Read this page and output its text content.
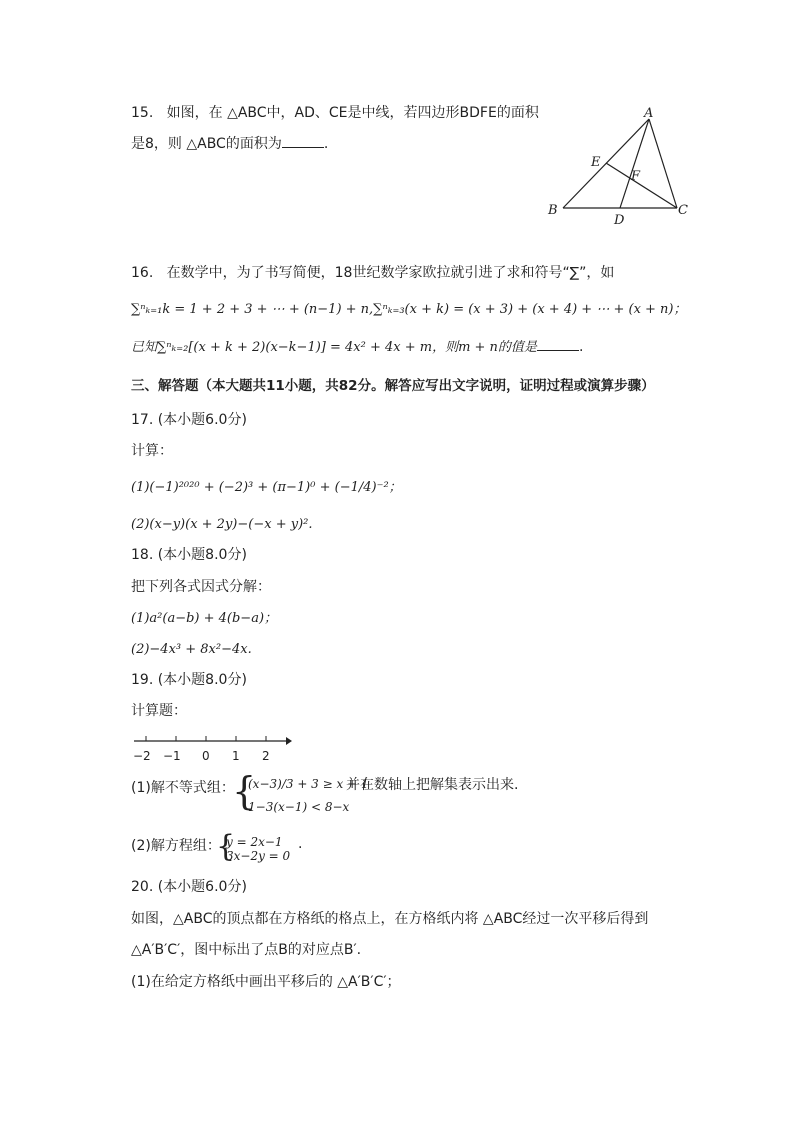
15. 如图，在 △ABC中，AD、CE是中线，若四边形BDFE的面积
是8，则 △ABC的面积为	.
A
B	C
D
E
F
16. 在数学中，为了书写简便，18世纪数学家欧拉就引进了求和符号“∑”，如
∑ⁿₖ₌₁k = 1 + 2 + 3 + ⋯ + (n−1) + n,∑ⁿₖ₌₃(x + k) = (x + 3) + (x + 4) + ⋯ + (x + n)；
已知∑ⁿₖ₌₂[(x + k + 2)(x−k−1)] = 4x² + 4x + m，则m + n的值是	.
三、解答题（本大题共11小题，共82分。解答应写出文字说明，证明过程或演算步骤）
17. (本小题6.0分)
计算：
(1)(−1)²⁰²⁰ + (−2)³ + (π−1)⁰ + (−1/4)⁻²；
(2)(x−y)(x + 2y)−(−x + y)².
18. (本小题8.0分)
把下列各式因式分解：
(1)a²(a−b) + 4(b−a)；
(2)−4x³ + 8x²−4x.
19. (本小题8.0分)
计算题：
−2 −1 0 1 2
(1)解不等式组：
{
(x−3)/3 + 3 ≥ x + 1
1−3(x−1) < 8−x
并在数轴上把解集表示出来.
(2)解方程组：
{
y = 2x−1
3x−2y = 0
.
20. (本小题6.0分)
如图，△ABC的顶点都在方格纸的格点上，在方格纸内将 △ABC经过一次平移后得到
△A′B′C′，图中标出了点B的对应点B′.
(1)在给定方格纸中画出平移后的 △A′B′C′；
